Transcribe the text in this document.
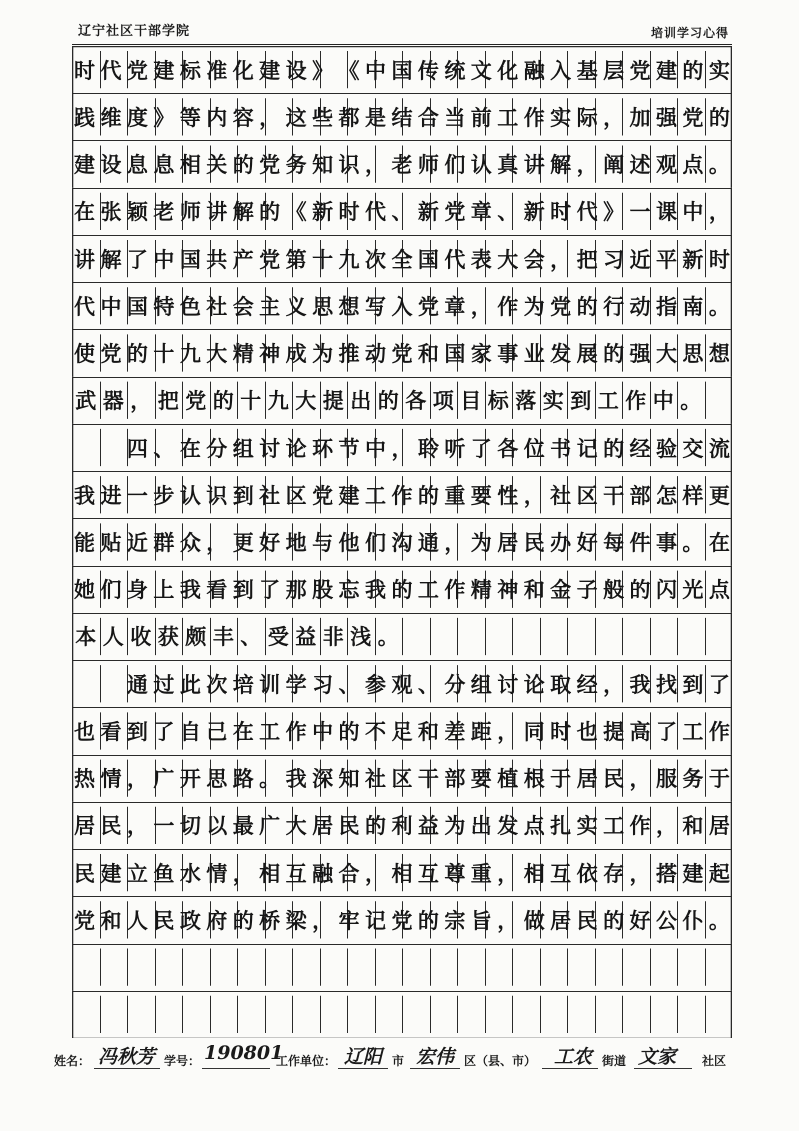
辽宁社区干部学院	培训学习心得
时 代 党 建 标 准 化 建 设 》 《 中 国 传 统 文 化 融 入 基 层 党 建 的 实
践 维 度 》 等 内 容 ， 这 些 都 是 结 合 当 前 工 作 实 际 ， 加 强 党 的
建 设 息 息 相 关 的 党 务 知 识 ， 老 师 们 认 真 讲 解 ， 阐 述 观 点 。
在 张 颖 老 师 讲 解 的 《 新 时 代 、 新 党 章 、 新 时 代 》 一 课 中 ，
讲 解 了 中 国 共 产 党 第 十 九 次 全 国 代 表 大 会 ， 把 习 近 平 新 时
代 中 国 特 色 社 会 主 义 思 想 写 入 党 章 ， 作 为 党 的 行 动 指 南 。
使 党 的 十 九 大 精 神 成 为 推 动 党 和 国 家 事 业 发 展 的 强 大 思 想
武 器 ， 把 党 的 十 九 大 提 出 的 各 项 目 标 落 实 到 工 作 中 。

四 、 在 分 组 讨 论 环 节 中 ， 聆 听 了 各 位 书 记 的 经 验 交 流
我 进 一 步 认 识 到 社 区 党 建 工 作 的 重 要 性 ， 社 区 干 部 怎 样 更
能 贴 近 群 众 ， 更 好 地 与 他 们 沟 通 ， 为 居 民 办 好 每 件 事 。 在
她 们 身 上 我 看 到 了 那 股 忘 我 的 工 作 精 神 和 金 子 般 的 闪 光 点
本 人 收 获 颇 丰 、 受 益 非 浅 。

通 过 此 次 培 训 学 习 、 参 观 、 分 组 讨 论 取 经 ， 我 找 到 了
也 看 到 了 自 己 在 工 作 中 的 不 足 和 差 距 ， 同 时 也 提 高 了 工 作
热 情 ， 广 开 思 路 。 我 深 知 社 区 干 部 要 植 根 于 居 民 ， 服 务 于
居 民 ， 一 切 以 最 广 大 居 民 的 利 益 为 出 发 点 扎 实 工 作 ， 和 居
民 建 立 鱼 水 情 ， 相 互 融 合 ， 相 互 尊 重 ， 相 互 依 存 ， 搭 建 起
党 和 人 民 政 府 的 桥 梁 ， 牢 记 党 的 宗 旨 ， 做 居 民 的 好 公 仆 。
姓名： 冯秋芳 学号： 190801
工作单位： 辽阳 市 宏伟 区（县、市） 工农 街道 文家 社区
